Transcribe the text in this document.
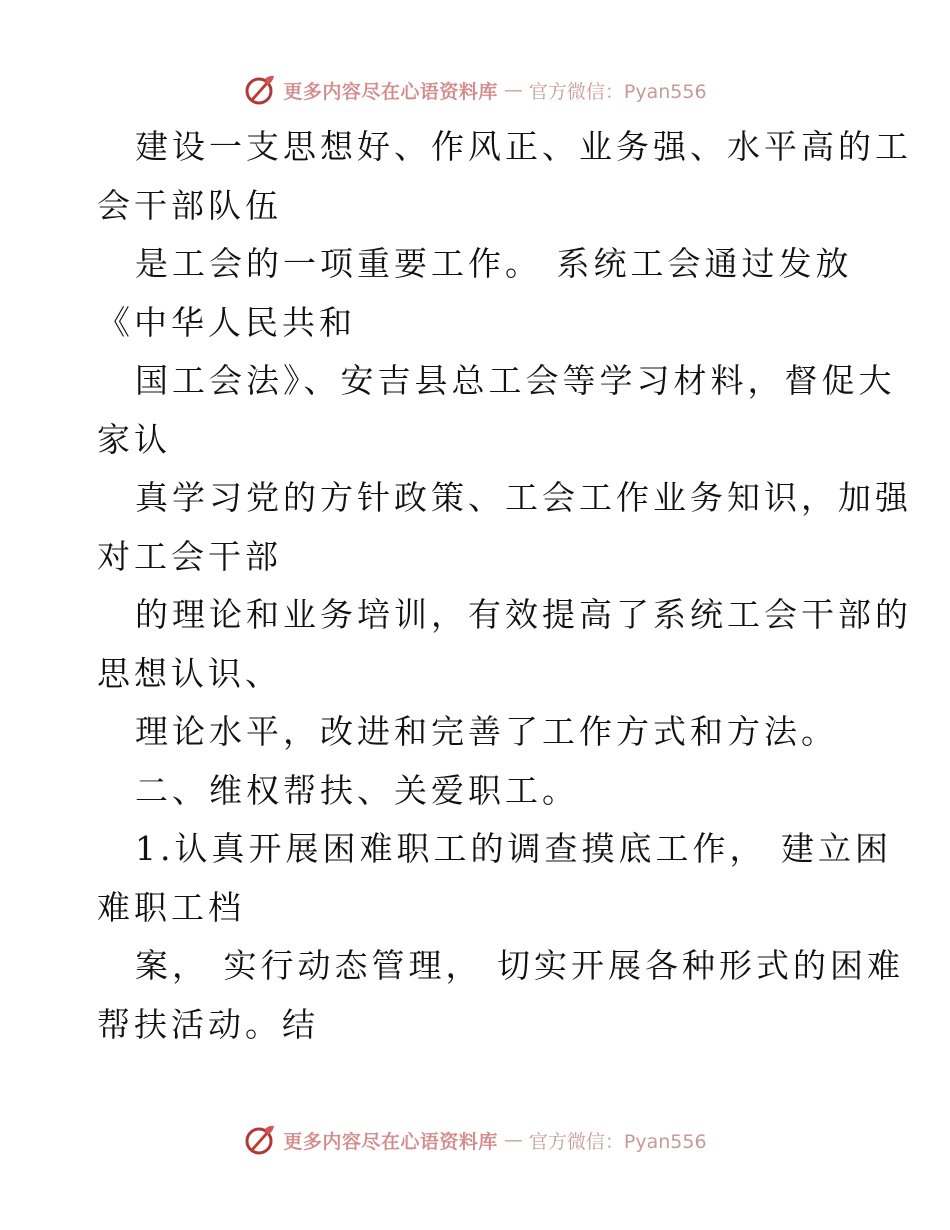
更多内容尽在心语资料库 — 官方微信：Pyan556
建设一支思想好、作风正、业务强、水平高的工
会干部队伍
是工会的一项重要工作。 系统工会通过发放
《中华人民共和
国工会法》、安吉县总工会等学习材料，督促大
家认
真学习党的方针政策、工会工作业务知识，加强
对工会干部
的理论和业务培训，有效提高了系统工会干部的
思想认识、
理论水平，改进和完善了工作方式和方法。
二、维权帮扶、关爱职工。
1.认真开展困难职工的调查摸底工作， 建立困
难职工档
案， 实行动态管理， 切实开展各种形式的困难
帮扶活动。结
更多内容尽在心语资料库 — 官方微信：Pyan556
